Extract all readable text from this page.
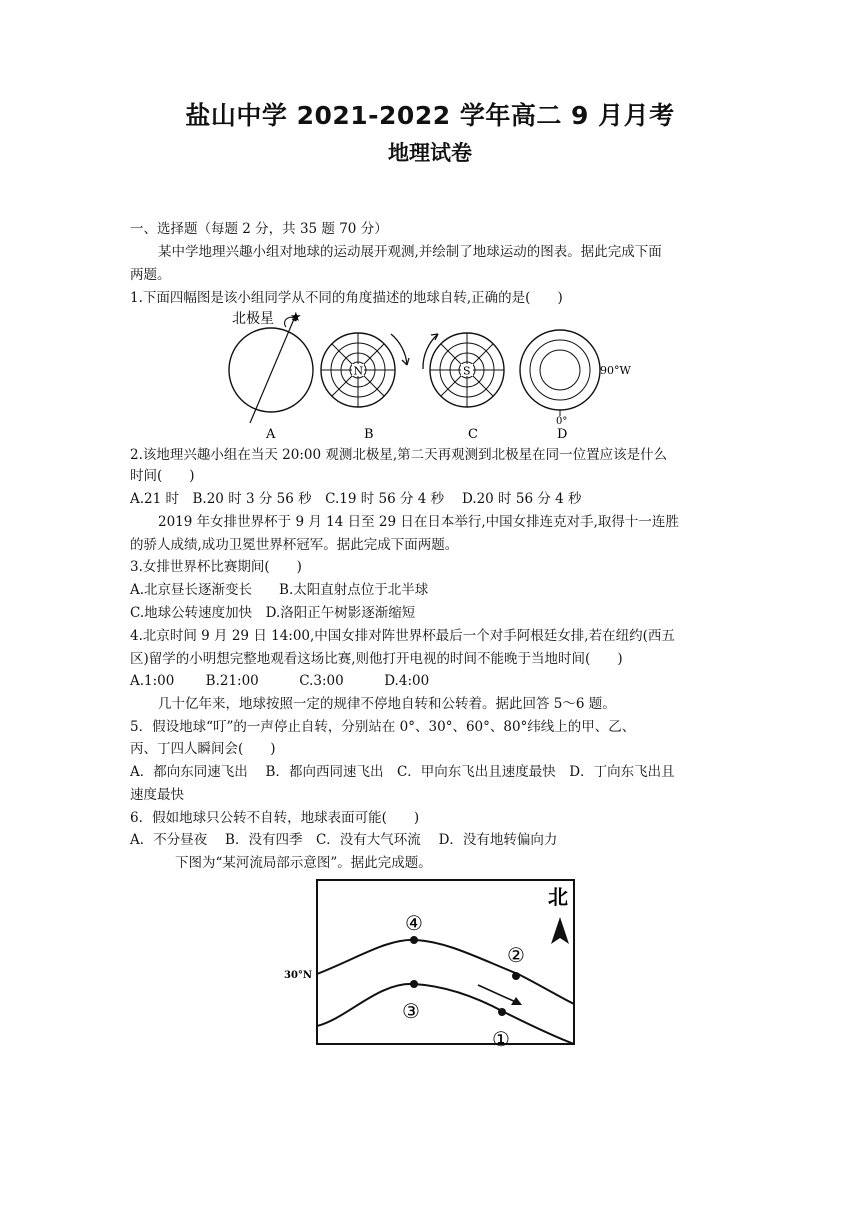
盐山中学 2021-2022 学年高二 9 月月考
地理试卷
一、选择题（每题 2 分，共 35 题 70 分）
某中学地理兴趣小组对地球的运动展开观测,并绘制了地球运动的图表。据此完成下面
两题。
1.下面四幅图是该小组同学从不同的角度描述的地球自转,正确的是(　　)
北极星 ★
N	S	90°W
0°
A	B	C	D
2.该地理兴趣小组在当天 20:00 观测北极星,第二天再观测到北极星在同一位置应该是什么
时间(　　)
A.21 时　B.20 时 3 分 56 秒　C.19 时 56 分 4 秒　 D.20 时 56 分 4 秒
2019 年女排世界杯于 9 月 14 日至 29 日在日本举行,中国女排连克对手,取得十一连胜
的骄人成绩,成功卫冕世界杯冠军。据此完成下面两题。
3.女排世界杯比赛期间(　　)
A.北京昼长逐渐变长　　B.太阳直射点位于北半球
C.地球公转速度加快　D.洛阳正午树影逐渐缩短
4.北京时间 9 月 29 日 14:00,中国女排对阵世界杯最后一个对手阿根廷女排,若在纽约(西五
区)留学的小明想完整地观看这场比赛,则他打开电视的时间不能晚于当地时间(　　)
A.1:00　　 B.21:00　　　C.3:00　　　D.4:00
几十亿年来，地球按照一定的规律不停地自转和公转着。据此回答 5～6 题。
5．假设地球“叮”的一声停止自转，分别站在 0°、30°、60°、80°纬线上的甲、乙、
丙、丁四人瞬间会(　　)
A．都向东同速飞出　 B．都向西同速飞出　C．甲向东飞出且速度最快　D．丁向东飞出且
速度最快
6．假如地球只公转不自转，地球表面可能(　　)
A．不分昼夜　 B．没有四季　C．没有大气环流　 D．没有地转偏向力
下图为“某河流局部示意图”。据此完成题。
30°N
北
④
②
③
①
